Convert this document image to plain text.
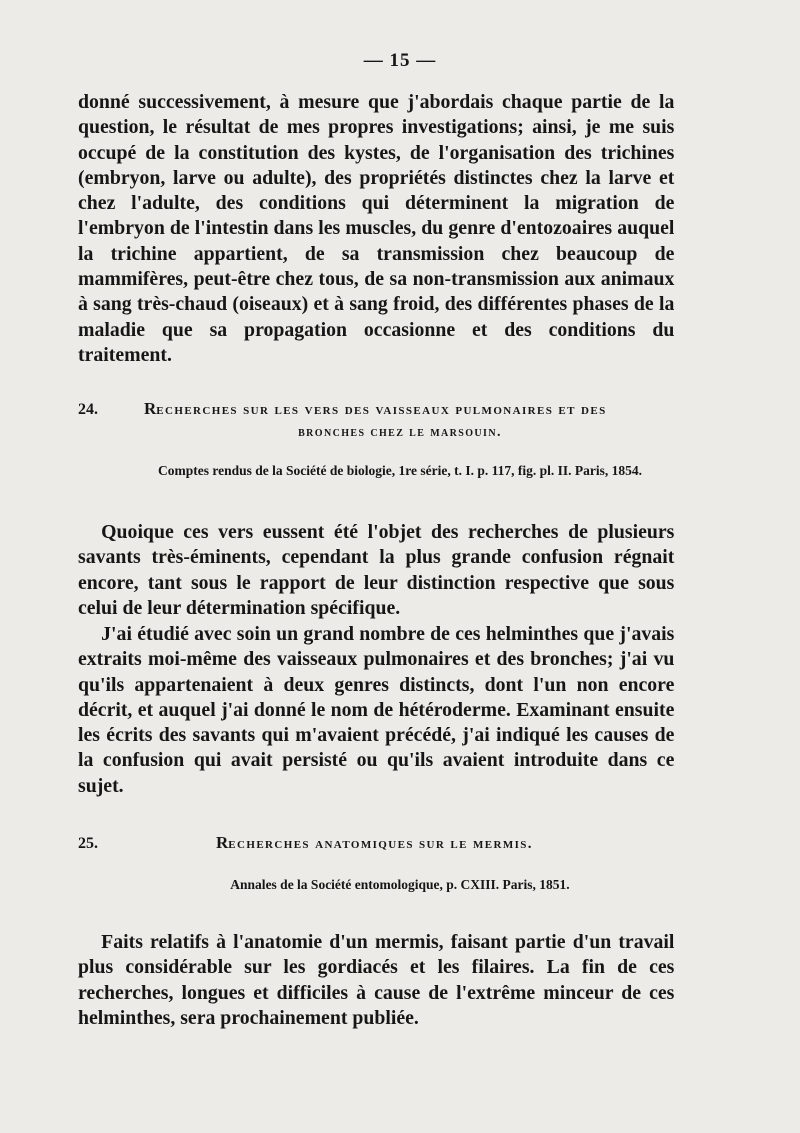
— 15 —

donné successivement, à mesure que j'abordais chaque partie de la question, le résultat de mes propres investigations; ainsi, je me suis occupé de la constitution des kystes, de l'organisation des trichines (embryon, larve ou adulte), des propriétés distinctes chez la larve et chez l'adulte, des conditions qui déterminent la migration de l'embryon de l'intestin dans les muscles, du genre d'entozoaires auquel la trichine appartient, de sa transmission chez beaucoup de mammifères, peut-être chez tous, de sa non-transmission aux animaux à sang très-chaud (oiseaux) et à sang froid, des différentes phases de la maladie que sa propagation occasionne et des conditions du traitement.

24.	Recherches sur les vers des vaisseaux pulmonaires et des

bronches chez le marsouin.

Comptes rendus de la Société de biologie, 1re série, t. I. p. 117, fig. pl. II. Paris, 1854.

Quoique ces vers eussent été l'objet des recherches de plusieurs savants très-éminents, cependant la plus grande confusion régnait encore, tant sous le rapport de leur distinction respective que sous celui de leur détermination spécifique.

J'ai étudié avec soin un grand nombre de ces helminthes que j'avais extraits moi-même des vaisseaux pulmonaires et des bronches; j'ai vu qu'ils appartenaient à deux genres distincts, dont l'un non encore décrit, et auquel j'ai donné le nom de hétéroderme. Examinant ensuite les écrits des savants qui m'avaient précédé, j'ai indiqué les causes de la confusion qui avait persisté ou qu'ils avaient introduite dans ce sujet.

25.	Recherches anatomiques sur le mermis.

Annales de la Société entomologique, p. CXIII. Paris, 1851.

Faits relatifs à l'anatomie d'un mermis, faisant partie d'un travail plus considérable sur les gordiacés et les filaires. La fin de ces recherches, longues et difficiles à cause de l'extrême minceur de ces helminthes, sera prochainement publiée.
